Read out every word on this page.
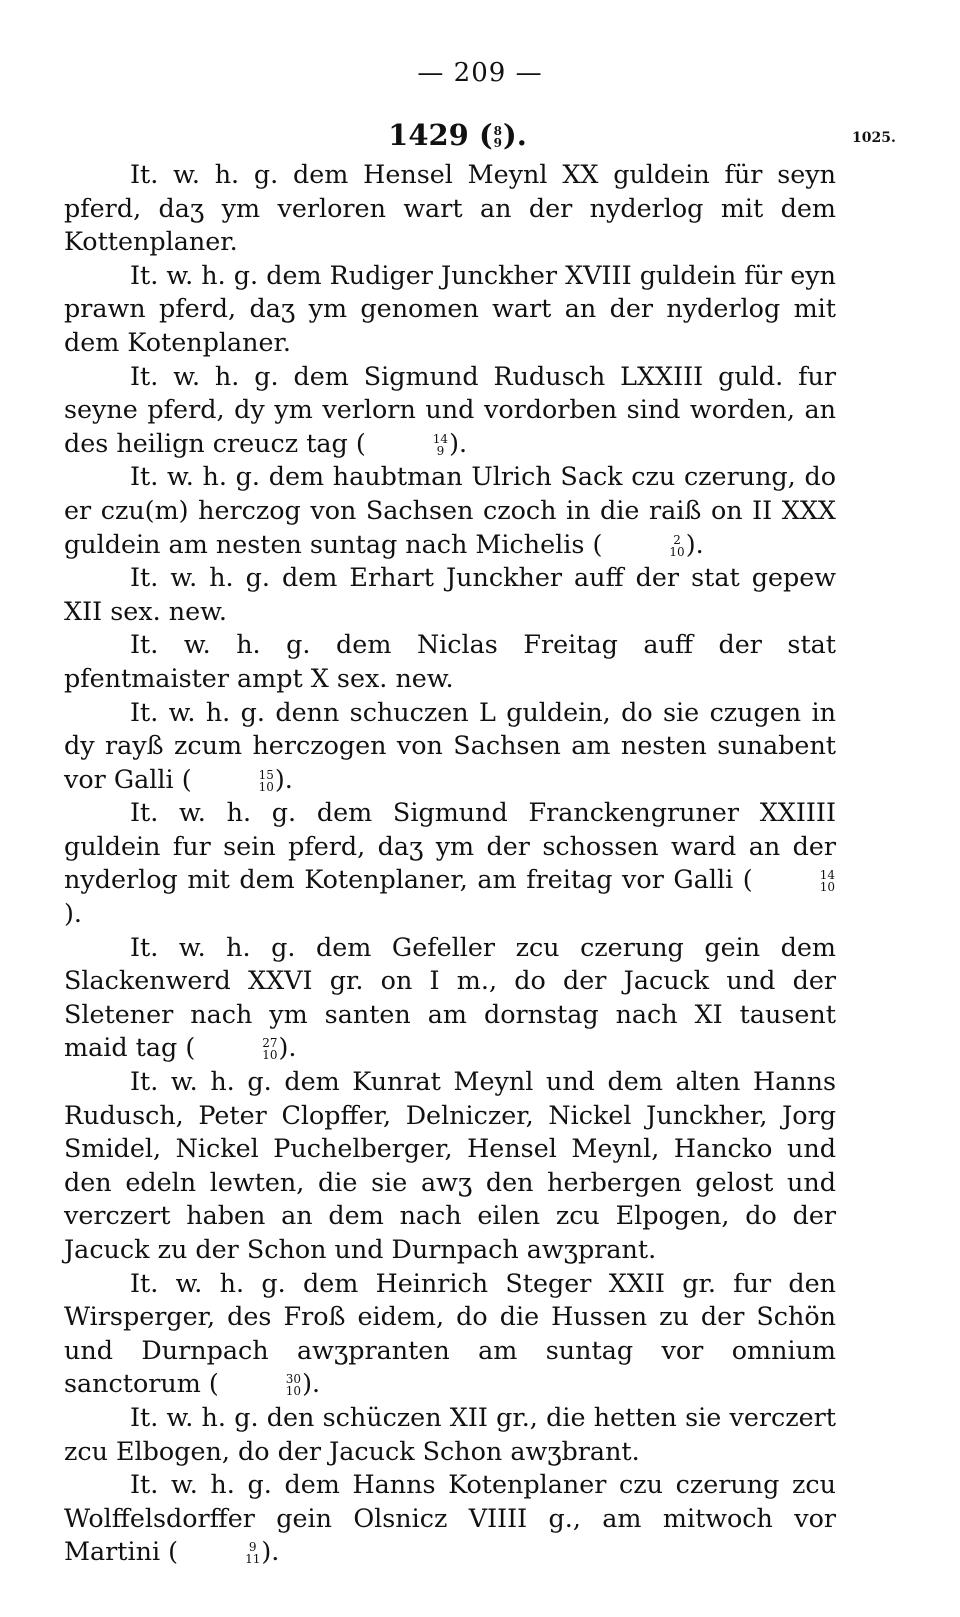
— 209 —
1429 ( 8
9 ).	1025.

It. w. h. g. dem Hensel Meynl XX guldein für seyn pferd, daʒ ym verloren wart an der nyderlog mit dem Kottenplaner.

It. w. h. g. dem Rudiger Junckher XVIII guldein für eyn prawn pferd, daʒ ym genomen wart an der nyderlog mit dem Kotenplaner.

It. w. h. g. dem Sigmund Rudusch LXXIII guld. fur seyne pferd, dy ym verlorn und vordorben sind worden, an des heilign creucz tag (	14
9 ).

It. w. h. g. dem haubtman Ulrich Sack czu czerung, do er czu(m) herczog von Sachsen czoch in die raiß on II XXX guldein am nesten suntag nach Michelis (	2
10 ).

It. w. h. g. dem Erhart Junckher auff der stat gepew XII sex. new.

It. w. h. g. dem Niclas Freitag auff der stat pfentmaister ampt X sex. new.

It. w. h. g. denn schuczen L guldein, do sie czugen in dy rayß zcum herczogen von Sachsen am nesten sunabent vor Galli (	15
10 ).

It. w. h. g. dem Sigmund Franckengruner XXIIII guldein fur sein pferd, daʒ ym der schossen ward an der nyderlog mit dem Kotenplaner, am freitag vor Galli (	14
10
).

It. w. h. g. dem Gefeller zcu czerung gein dem Slackenwerd XXVI gr. on I m., do der Jacuck und der Sletener nach ym santen am dornstag nach XI tausent maid tag (	27
10 ).

It. w. h. g. dem Kunrat Meynl und dem alten Hanns Rudusch, Peter Clopffer, Delniczer, Nickel Junckher, Jorg Smidel, Nickel Puchelberger, Hensel Meynl, Hancko und den edeln lewten, die sie awʒ den herbergen gelost und verczert haben an dem nach eilen zcu Elpogen, do der Jacuck zu der Schon und Durnpach awʒprant.

It. w. h. g. dem Heinrich Steger XXII gr. fur den Wirsperger, des Froß eidem, do die Hussen zu der Schön und Durnpach awʒpranten am suntag vor omnium sanctorum (	30
10 ).

It. w. h. g. den schüczen XII gr., die hetten sie verczert zcu Elbogen, do der Jacuck Schon awʒbrant.

It. w. h. g. dem Hanns Kotenplaner czu czerung zcu Wolffelsdorffer gein Olsnicz VIIII g., am mitwoch vor Martini (	9
11 ).
